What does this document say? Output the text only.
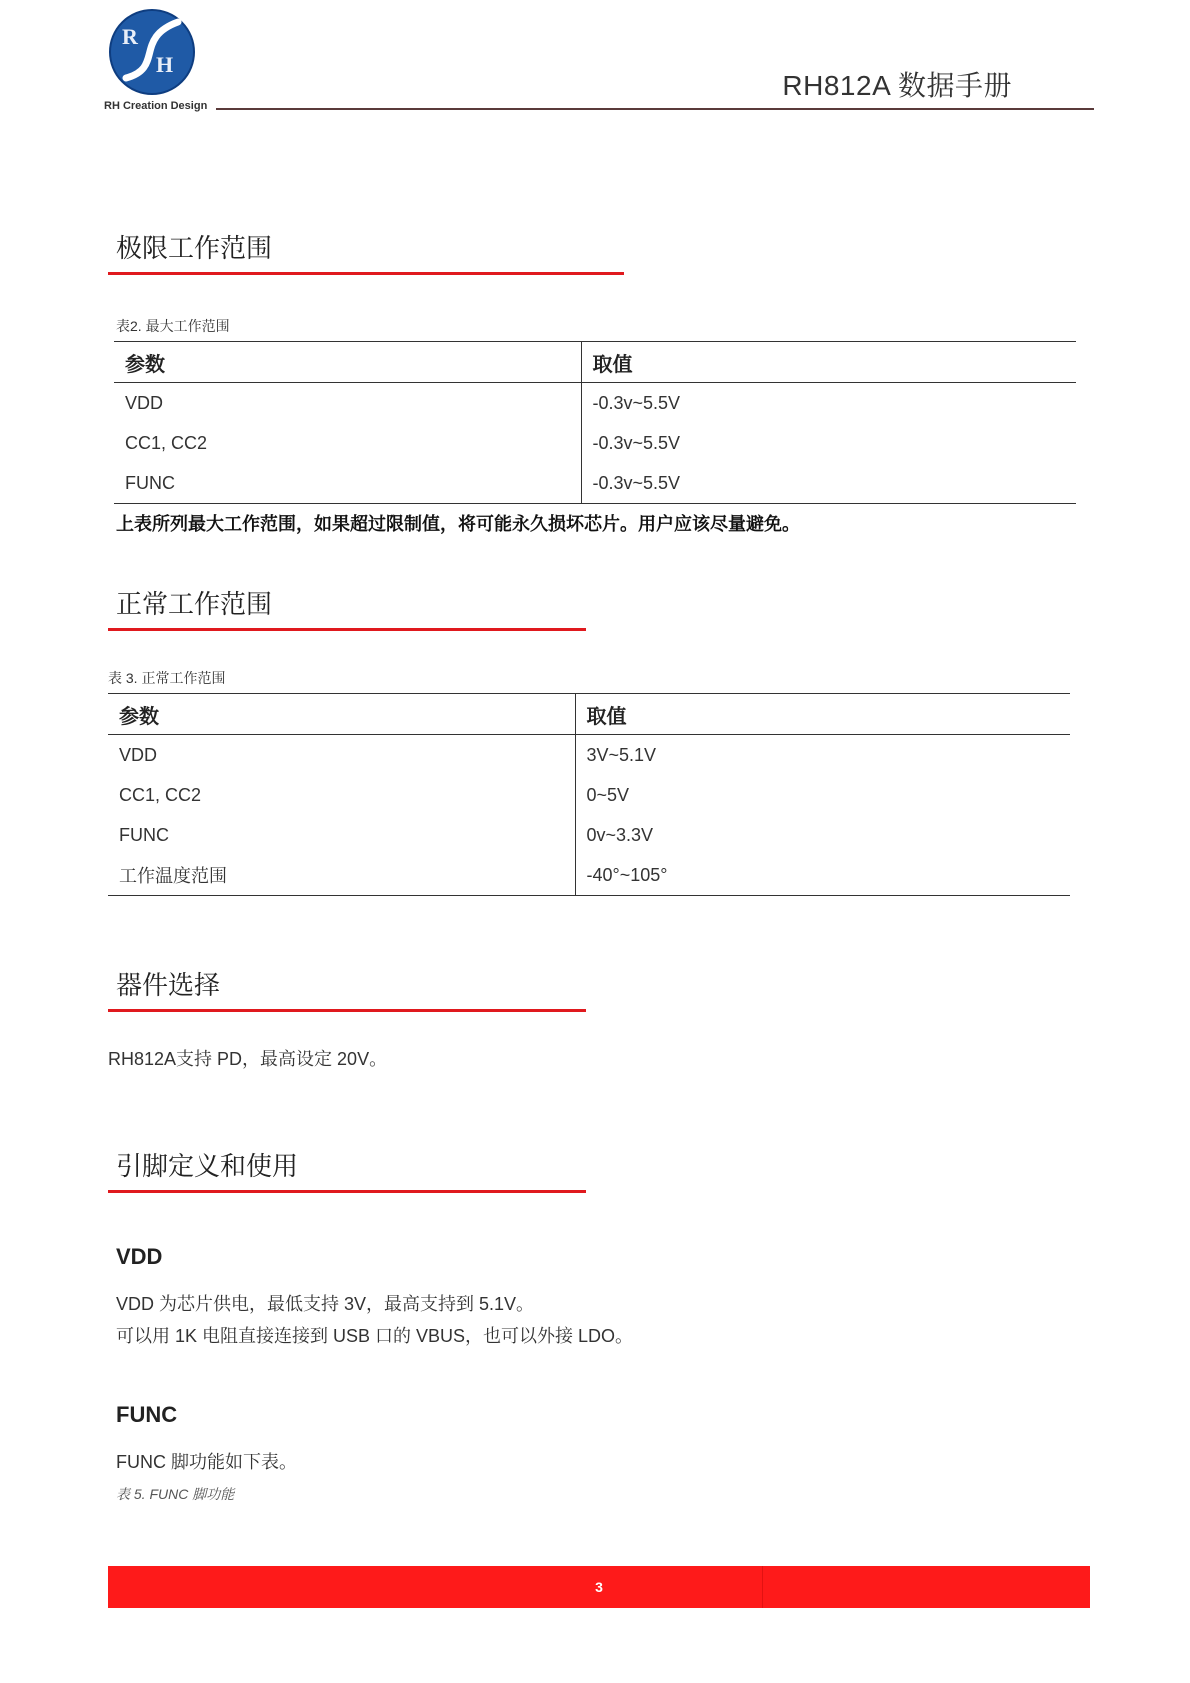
R
H
RH Creation Design
RH812A 数据手册
极限工作范围
表2. 最大工作范围
参数	取值
VDD	-0.3v~5.5V
CC1, CC2	-0.3v~5.5V
FUNC	-0.3v~5.5V
上表所列最大工作范围，如果超过限制值，将可能永久损坏芯片。用户应该尽量避免。
正常工作范围
表 3. 正常工作范围
参数	取值
VDD	3V~5.1V
CC1, CC2	0~5V
FUNC	0v~3.3V
工作温度范围	-40°~105°
器件选择
RH812A支持 PD，最高设定 20V。
引脚定义和使用
VDD
VDD 为芯片供电，最低支持 3V，最高支持到 5.1V。
可以用 1K 电阻直接连接到 USB 口的 VBUS，也可以外接 LDO。
FUNC
FUNC 脚功能如下表。
表 5. FUNC 脚功能
3
